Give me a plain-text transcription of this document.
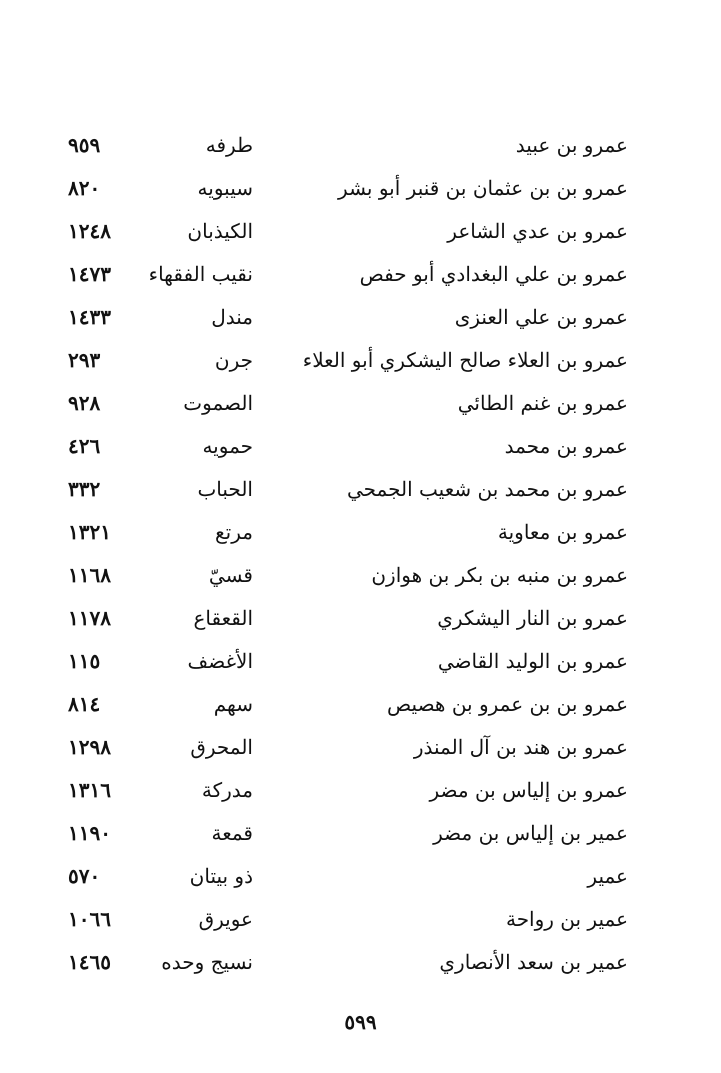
عمرو بن عبيد
طرفه
٩٥٩
عمرو بن بن عثمان بن قنبر أبو بشر
سيبويه
٨٢٠
عمرو بن عدي الشاعر
الكيذبان
١٢٤٨
عمرو بن علي البغدادي أبو حفص
نقيب الفقهاء
١٤٧٣
عمرو بن علي العنزى
مندل
١٤٣٣
عمرو بن العلاء صالح اليشكري أبو العلاء
جرن
٢٩٣
عمرو بن غنم الطائي
الصموت
٩٢٨
عمرو بن محمد
حمويه
٤٢٦
عمرو بن محمد بن شعيب الجمحي
الحباب
٣٣٢
عمرو بن معاوية
مرتع
١٣٢١
عمرو بن منبه بن بكر بن هوازن
قسيّ
١١٦٨
عمرو بن النار اليشكري
القعقاع
١١٧٨
عمرو بن الوليد القاضي
الأغضف
١١٥
عمرو بن بن عمرو بن هصيص
سهم
٨١٤
عمرو بن هند بن آل المنذر
المحرق
١٢٩٨
عمرو بن إلياس بن مضر
مدركة
١٣١٦
عمير بن إلياس بن مضر
قمعة
١١٩٠
عمير
ذو بيتان
٥٧٠
عمير بن رواحة
عويرق
١٠٦٦
عمير بن سعد الأنصاري
نسيج وحده
١٤٦٥
٥٩٩
